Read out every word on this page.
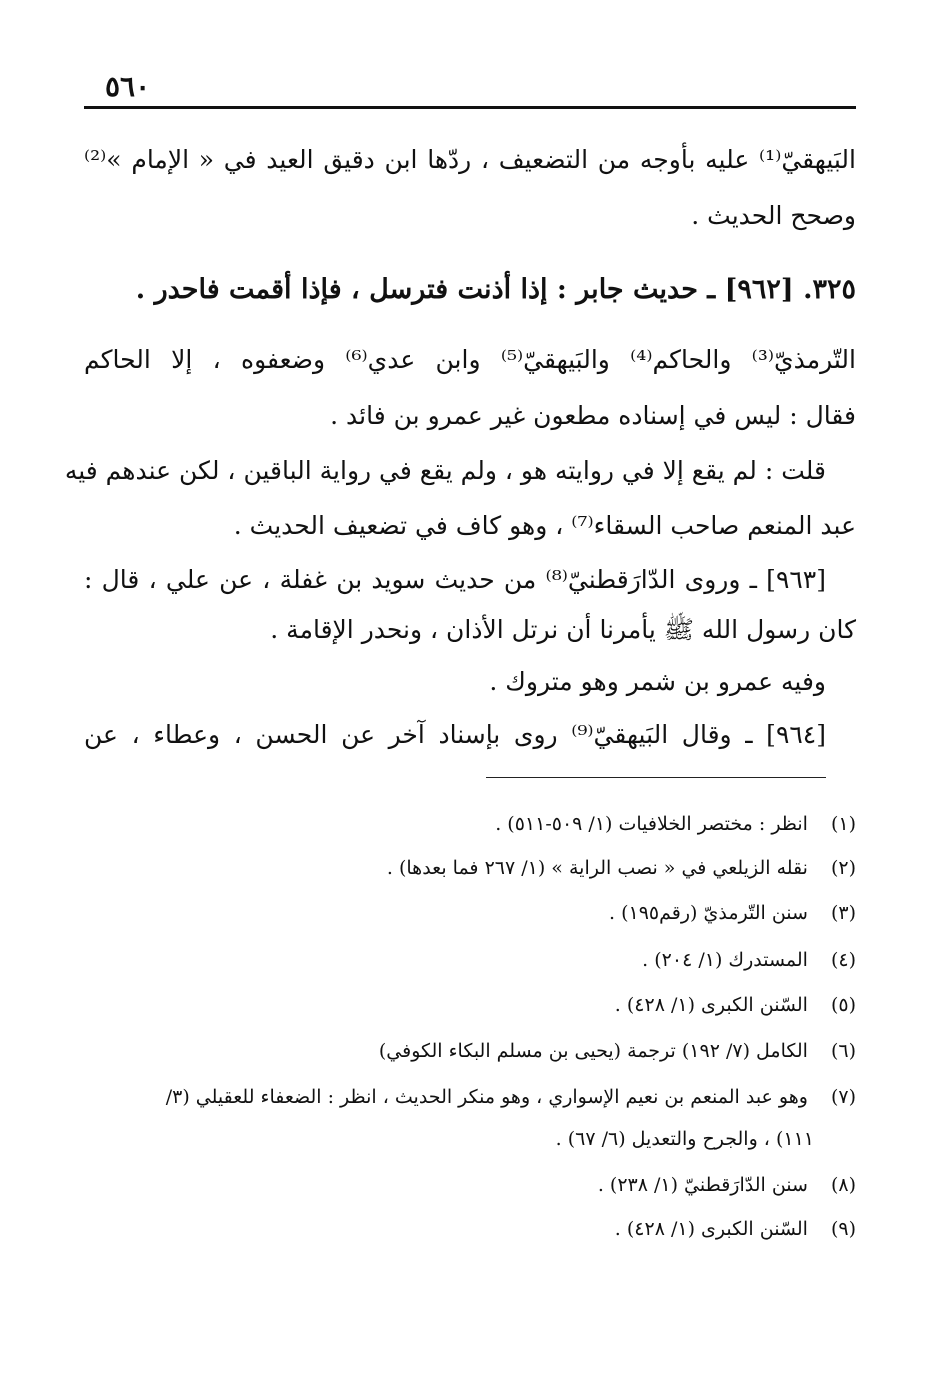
٥٦٠
البَيهقيّ⁽¹⁾ عليه بأوجه من التضعيف ، ردّها ابن دقيق العيد في « الإمام »⁽²⁾
وصحح الحديث .
٣٢٥. [٩٦٢] ـ حديث جابر : إذا أذنت فترسل ، فإذا أقمت فاحدر .
التّرمذيّ⁽³⁾ والحاكم⁽⁴⁾ والبَيهقيّ⁽⁵⁾ وابن عدي⁽⁶⁾ وضعفوه ، إلا الحاكم
فقال : ليس في إسناده مطعون غير عمرو بن فائد .
قلت : لم يقع إلا في روايته هو ، ولم يقع في رواية الباقين ، لكن عندهم فيه
عبد المنعم صاحب السقاء⁽⁷⁾ ، وهو كاف في تضعيف الحديث .
[٩٦٣] ـ وروى الدّارَقطنيّ⁽⁸⁾ من حديث سويد بن غفلة ، عن علي ، قال :
كان رسول الله ﷺ يأمرنا أن نرتل الأذان ، ونحدر الإقامة .
وفيه عمرو بن شمر وهو متروك .
[٩٦٤] ـ وقال البَيهقيّ⁽⁹⁾ روى بإسناد آخر عن الحسن ، وعطاء ، عن
(١) انظر : مختصر الخلافيات (١/ ٥٠٩-٥١١) .
(٢) نقله الزيلعي في « نصب الراية » (١/ ٢٦٧ فما بعدها) .
(٣) سنن التّرمذيّ (رقم١٩٥) .
(٤) المستدرك (١/ ٢٠٤) .
(٥) السّنن الكبرى (١/ ٤٢٨) .
(٦) الكامل (٧/ ١٩٢) ترجمة (يحيى بن مسلم البكاء الكوفي)
(٧) وهو عبد المنعم بن نعيم الإسواري ، وهو منكر الحديث ، انظر : الضعفاء للعقيلي (٣/
١١١) ، والجرح والتعديل (٦/ ٦٧) .
(٨) سنن الدّارَقطنيّ (١/ ٢٣٨) .
(٩) السّنن الكبرى (١/ ٤٢٨) .
